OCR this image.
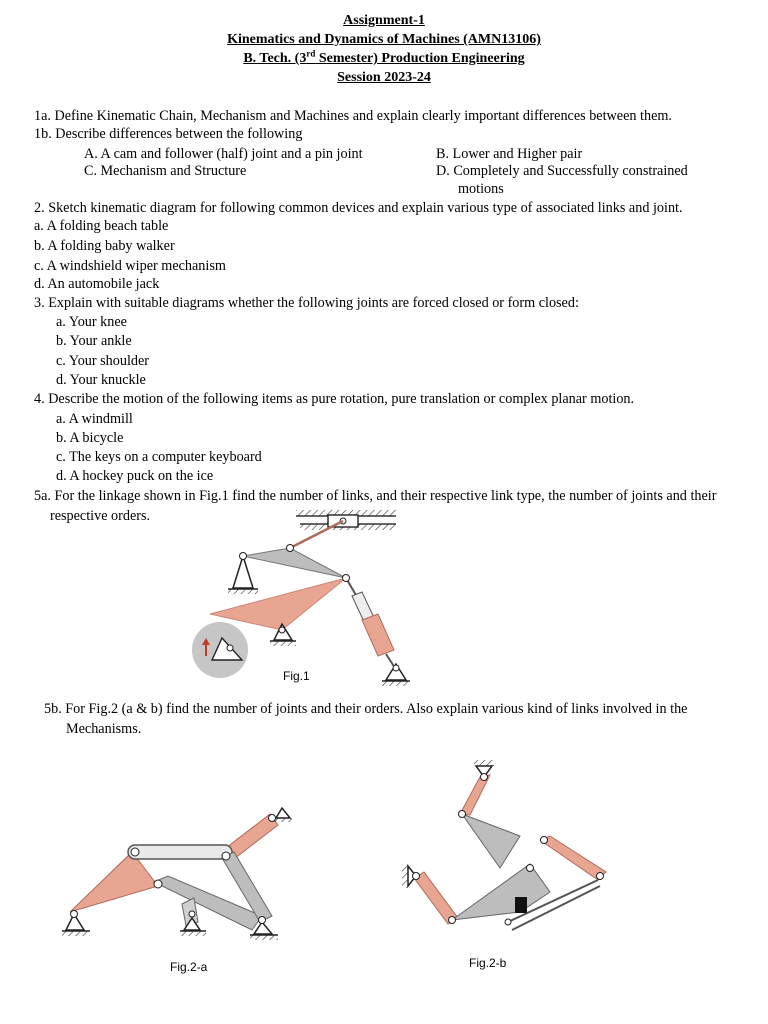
Assignment-1
Kinematics and Dynamics of Machines (AMN13106)
B. Tech. (3rd Semester) Production Engineering
Session 2023-24
1a. Define Kinematic Chain, Mechanism and Machines and explain clearly important differences between them.
1b. Describe differences between the following
A. A cam and follower (half) joint and a pin joint	B. Lower and Higher pair
C. Mechanism and Structure	D. Completely and Successfully constrained
motions
2. Sketch kinematic diagram for following common devices and explain various type of associated links and joint.
a. A folding beach table
b. A folding baby walker
c. A windshield wiper mechanism
d. An automobile jack
3. Explain with suitable diagrams whether the following joints are forced closed or form closed:
a. Your knee
b. Your ankle
c. Your shoulder
d. Your knuckle
4. Describe the motion of the following items as pure rotation, pure translation or complex planar motion.
a. A windmill
b. A bicycle
c. The keys on a computer keyboard
d. A hockey puck on the ice
5a. For the linkage shown in Fig.1 find the number of links, and their respective link type, the number of joints and their
respective orders.
Fig.1
5b. For Fig.2 (a & b) find the number of joints and their orders. Also explain various kind of links involved in the
Mechanisms.
Fig.2-a	Fig.2-b
